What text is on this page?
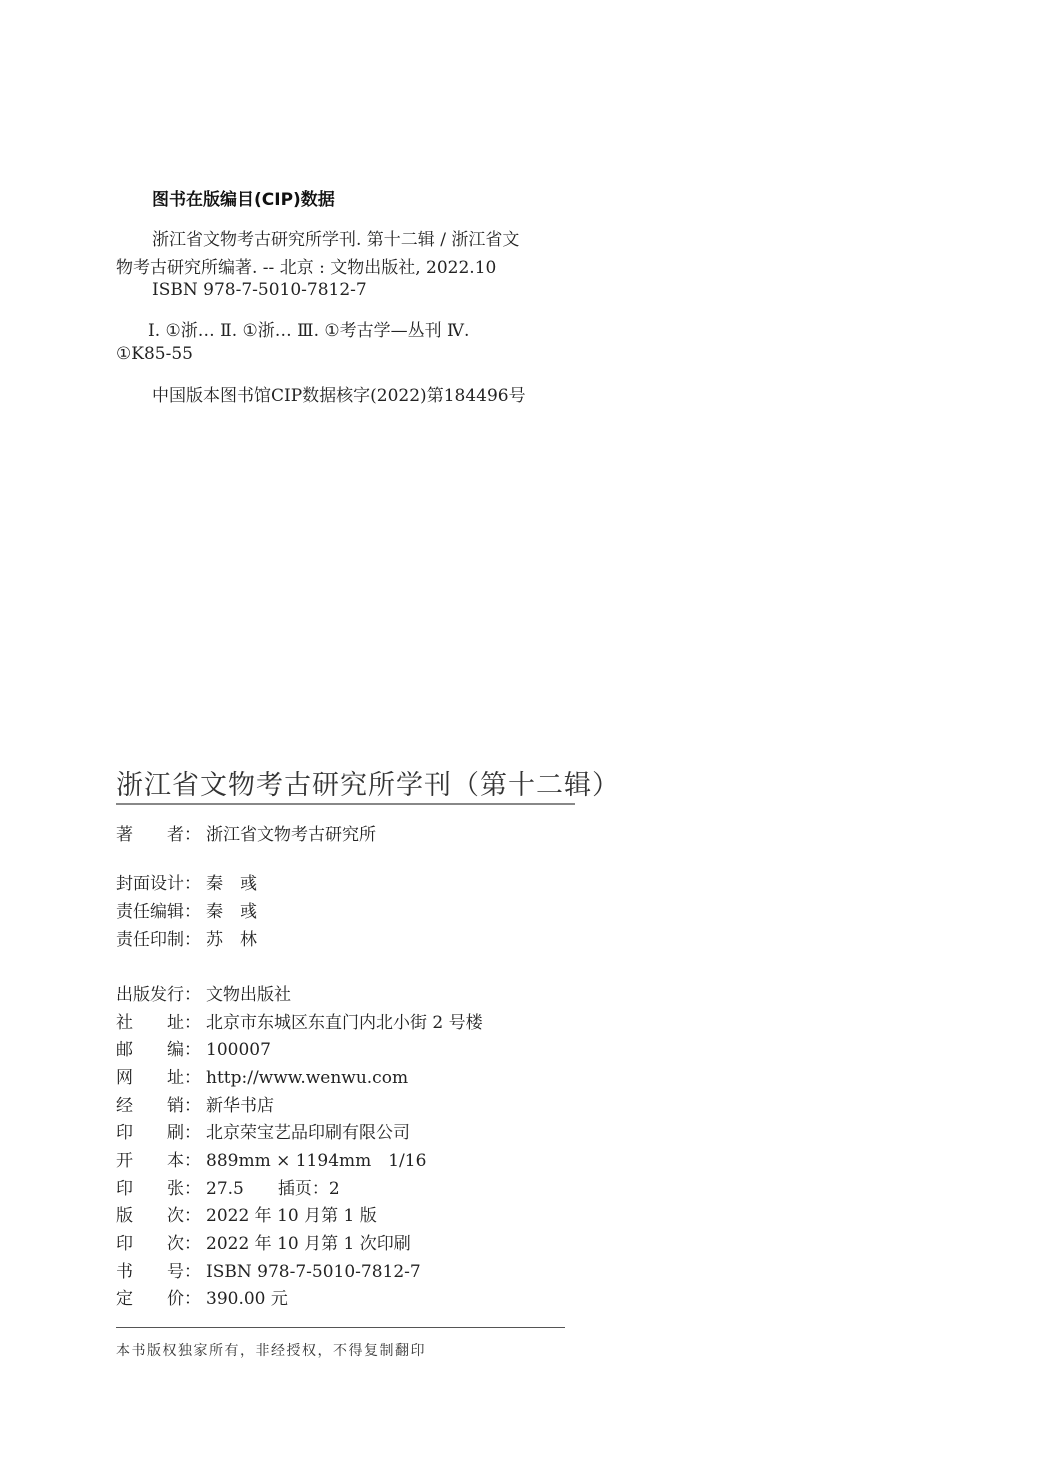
图书在版编目(CIP)数据
浙江省文物考古研究所学刊. 第十二辑 / 浙江省文
物考古研究所编著. -- 北京 : 文物出版社, 2022.10
ISBN 978-7-5010-7812-7
Ⅰ. ①浙… Ⅱ. ①浙… Ⅲ. ①考古学—丛刊 Ⅳ.
①K85-55
中国版本图书馆CIP数据核字(2022)第184496号
浙江省文物考古研究所学刊（第十二辑）
著　　者： 浙江省文物考古研究所
封面设计： 秦　彧
责任编辑： 秦　彧
责任印制： 苏　林
出版发行： 文物出版社
社　　址： 北京市东城区东直门内北小街 2 号楼
邮　　编： 100007
网　　址： http://www.wenwu.com
经　　销： 新华书店
印　　刷： 北京荣宝艺品印刷有限公司
开　　本： 889mm × 1194mm　1/16
印　　张： 27.5　　插页：2
版　　次： 2022 年 10 月第 1 版
印　　次： 2022 年 10 月第 1 次印刷
书　　号： ISBN 978-7-5010-7812-7
定　　价： 390.00 元
本书版权独家所有，非经授权，不得复制翻印
